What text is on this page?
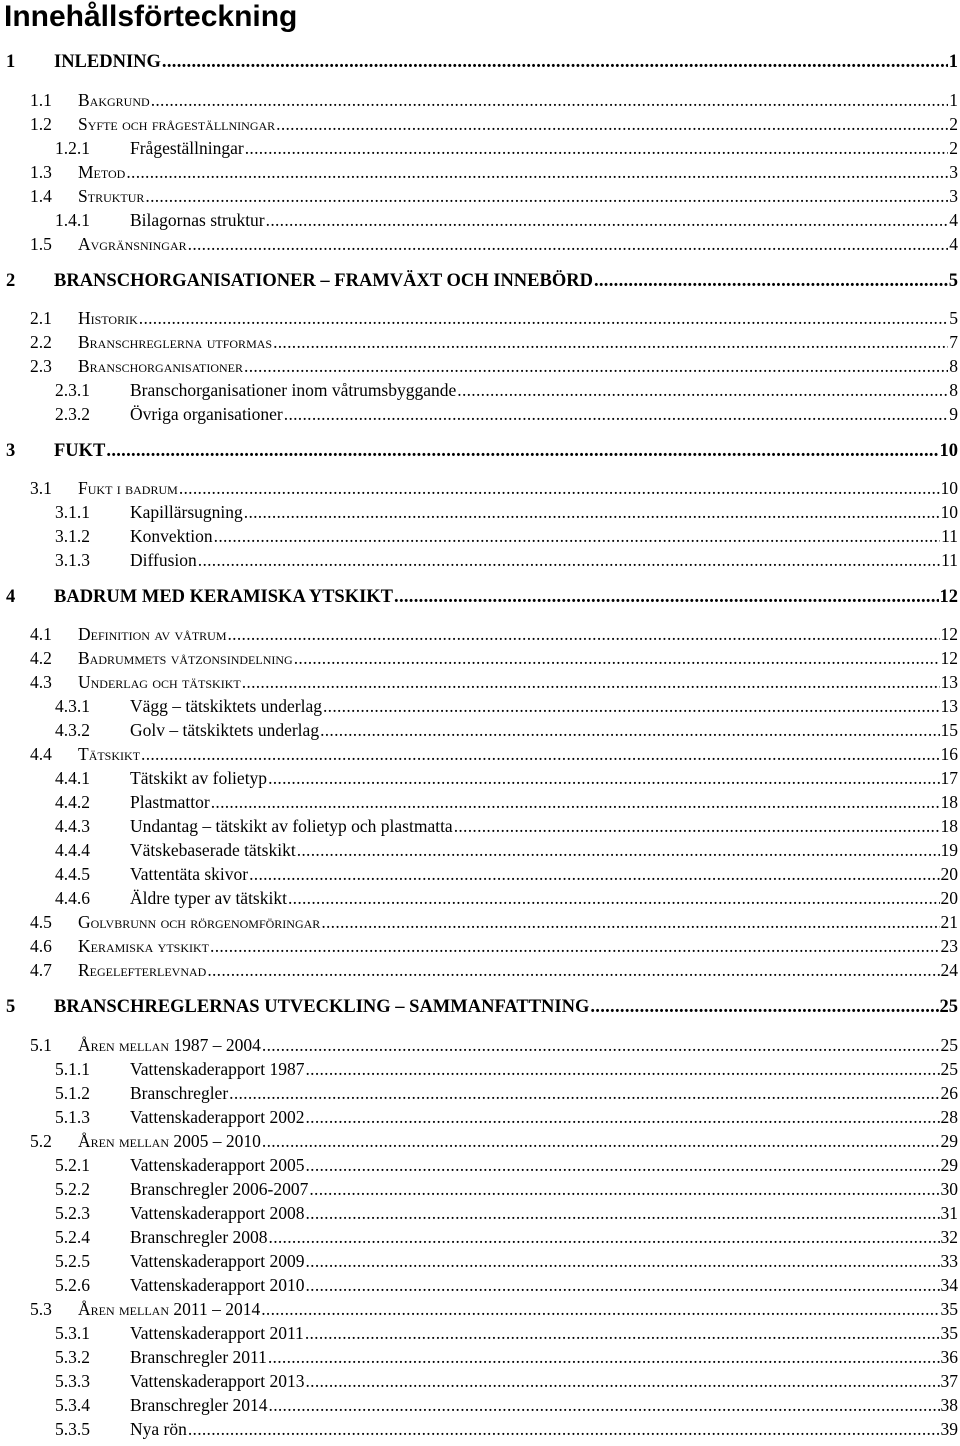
Innehållsförteckning
1	INLEDNING .....	1
1.1	Bakgrund .....	1
1.2	Syfte och frågeställningar .....	2
1.2.1	Frågeställningar .....	2
1.3	Metod .....	3
1.4	Struktur .....	3
1.4.1	Bilagornas struktur .....	4
1.5	Avgränsningar .....	4
2	BRANSCHORGANISATIONER – FRAMVÄXT OCH INNEBÖRD .....	5
2.1	Historik .....	5
2.2	Branschreglerna utformas .....	7
2.3	Branschorganisationer .....	8
2.3.1	Branschorganisationer inom våtrumsbyggande .....	8
2.3.2	Övriga organisationer .....	9
3	FUKT .....	10
3.1	Fukt i badrum .....	10
3.1.1	Kapillärsugning .....	10
3.1.2	Konvektion .....	11
3.1.3	Diffusion .....	11
4	BADRUM MED KERAMISKA YTSKIKT .....	12
4.1	Definition av våtrum .....	12
4.2	Badrummets våtzonsindelning .....	12
4.3	Underlag och tätskikt .....	13
4.3.1	Vägg – tätskiktets underlag .....	13
4.3.2	Golv – tätskiktets underlag .....	15
4.4	Tätskikt .....	16
4.4.1	Tätskikt av folietyp .....	17
4.4.2	Plastmattor .....	18
4.4.3	Undantag – tätskikt av folietyp och plastmatta .....	18
4.4.4	Vätskebaserade tätskikt .....	19
4.4.5	Vattentäta skivor .....	20
4.4.6	Äldre typer av tätskikt .....	20
4.5	Golvbrunn och rörgenomföringar .....	21
4.6	Keramiska ytskikt .....	23
4.7	Regelefterlevnad .....	24
5	BRANSCHREGLERNAS UTVECKLING – SAMMANFATTNING .....	25
5.1	Åren mellan 1987 – 2004 .....	25
5.1.1	Vattenskaderapport 1987 .....	25
5.1.2	Branschregler .....	26
5.1.3	Vattenskaderapport 2002 .....	28
5.2	Åren mellan 2005 – 2010 .....	29
5.2.1	Vattenskaderapport 2005 .....	29
5.2.2	Branschregler 2006-2007 .....	30
5.2.3	Vattenskaderapport 2008 .....	31
5.2.4	Branschregler 2008 .....	32
5.2.5	Vattenskaderapport 2009 .....	33
5.2.6	Vattenskaderapport 2010 .....	34
5.3	Åren mellan 2011 – 2014 .....	35
5.3.1	Vattenskaderapport 2011 .....	35
5.3.2	Branschregler 2011 .....	36
5.3.3	Vattenskaderapport 2013 .....	37
5.3.4	Branschregler 2014 .....	38
5.3.5	Nya rön .....	39
